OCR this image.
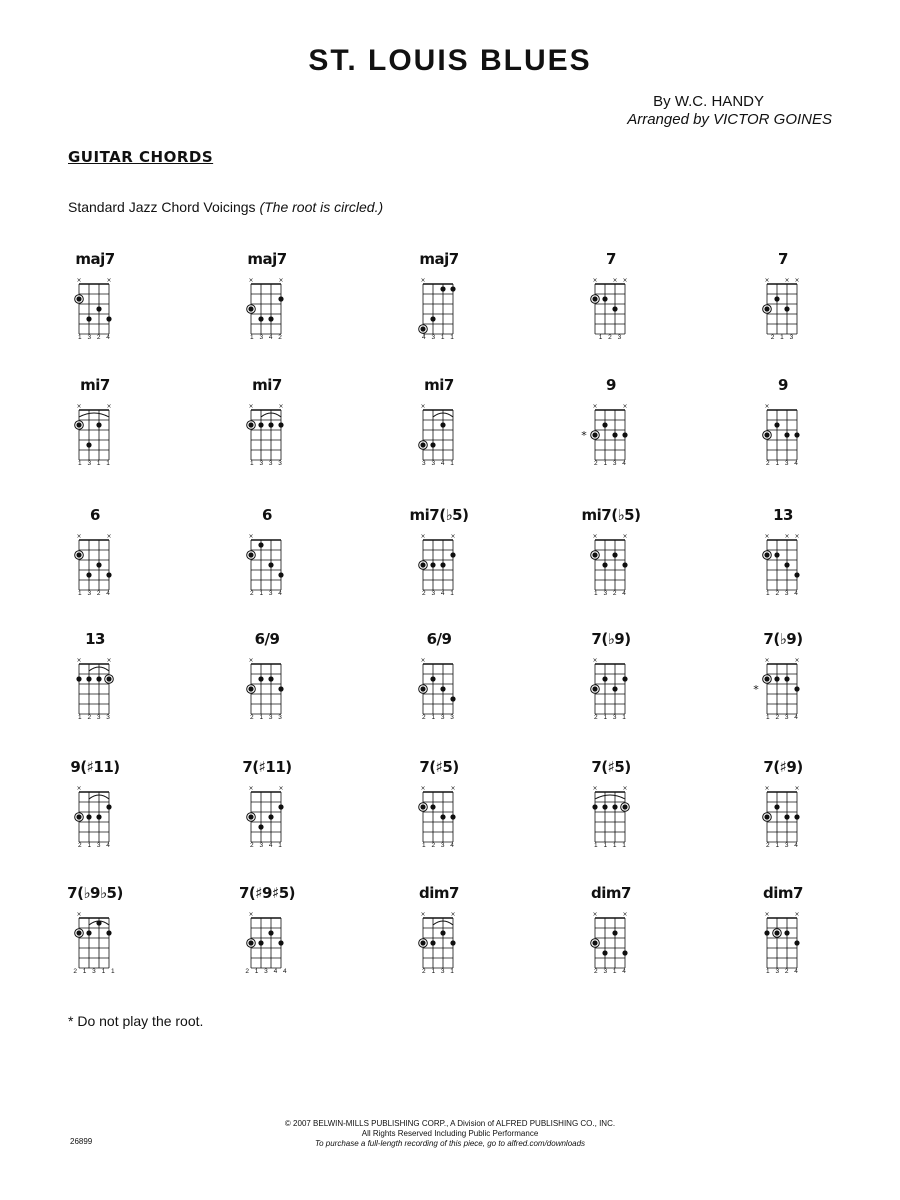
ST. LOUIS BLUES

By W.C. HANDY

Arranged by VICTOR GOINES

GUITAR CHORDS

Standard Jazz Chord Voicings (The root is circled.)

maj7
×	×
1 3 2 4
maj7
×	×
1 3 4 2
maj7
×
4 3 1 1
7
× × ×
1 2 3
7
× × ×
2 1 3
mi7
×	×
1 3 1 1
mi7
×	×
1 3 3 3
mi7
×
3 3 4 1
9
×	×
*
2 1 3 4
9
×
2 1 3 4
6
×	×
1 3 2 4
6
×
2 1 3 4
mi7(♭5)
×	×
2 3 4 1
mi7(♭5)
×	×
1 3 2 4
13
× × ×
1 2 3 4
13
×	×
1 2 3 3
6/9
×
2 1 3 3
6/9
×
2 1 3 3
7(♭9)
×
2 1 3 1
7(♭9)
×	×
*
1 2 3 4
9(♯11)
×
2 1 3 4
7(♯11)
×	×
2 3 4 1
7(♯5)
×	×
1 2 3 4
7(♯5)
×	×
1 1 1 1
7(♯9)
×	×
2 1 3 4
7(♭9♭5)
×
2 1 3 1 1
7(♯9♯5)
×
2 1 3 4 4
dim7
×	×
2 1 3 1
dim7
×	×
2 3 1 4
dim7
×	×
1 3 2 4

* Do not play the root.

© 2007 BELWIN-MILLS PUBLISHING CORP., A Division of ALFRED PUBLISHING CO., INC.
All Rights Reserved Including Public Performance
To purchase a full-length recording of this piece, go to alfred.com/downloads
26899
